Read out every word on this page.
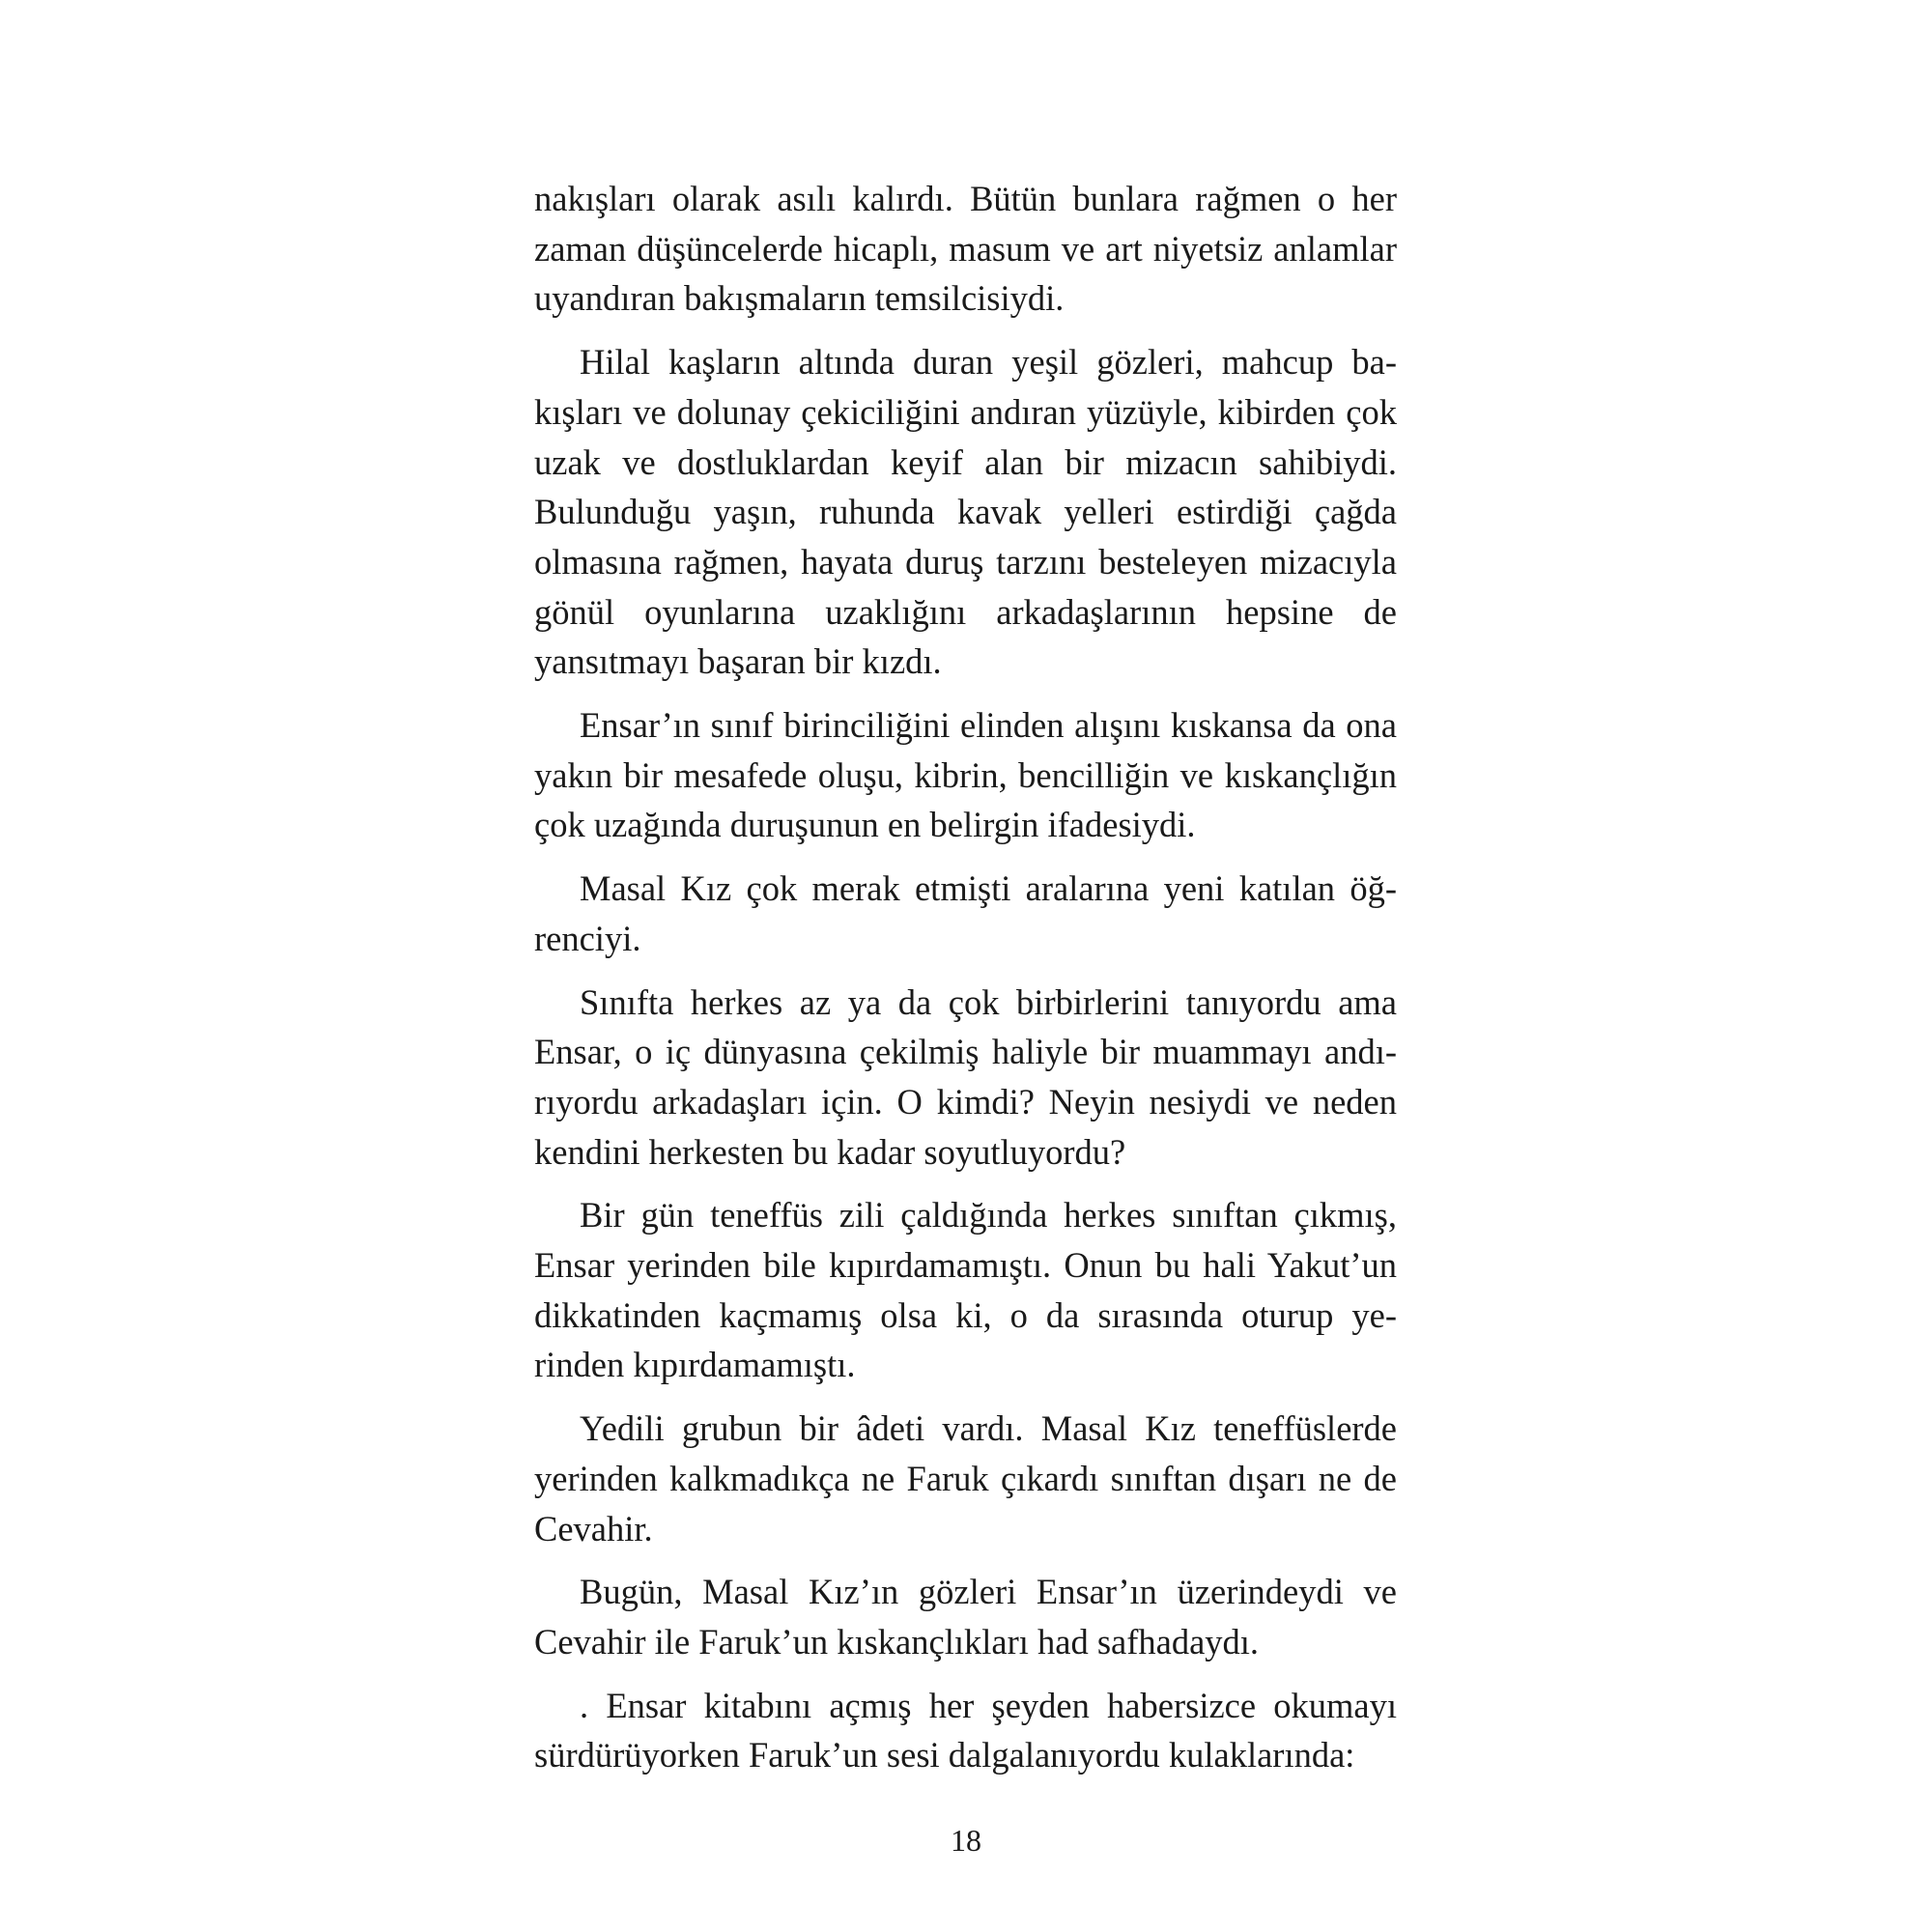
nakışları olarak asılı kalırdı. Bütün bunlara rağmen o her zaman düşüncelerde hicaplı, masum ve art niyetsiz anlamlar uyandıran bakışmaların temsilcisiydi.

Hilal kaşların altında duran yeşil gözleri, mahcup bakışları ve dolunay çekiciliğini andıran yüzüyle, kibirden çok uzak ve dostluklardan keyif alan bir mizacın sahibiydi. Bulunduğu yaşın, ruhunda kavak yelleri estirdiği çağda olmasına rağmen, hayata duruş tarzını besteleyen mizacıyla gönül oyunlarına uzaklığını arkadaşlarının hepsine de yansıtmayı başaran bir kızdı.

Ensar’ın sınıf birinciliğini elinden alışını kıskansa da ona yakın bir mesafede oluşu, kibrin, bencilliğin ve kıskançlığın çok uzağında duruşunun en belirgin ifadesiydi.

Masal Kız çok merak etmişti aralarına yeni katılan öğrenciyi.

Sınıfta herkes az ya da çok birbirlerini tanıyordu ama Ensar, o iç dünyasına çekilmiş haliyle bir muammayı andırıyordu arkadaşları için. O kimdi? Neyin nesiydi ve neden kendini herkesten bu kadar soyutluyordu?

Bir gün teneffüs zili çaldığında herkes sınıftan çıkmış, Ensar yerinden bile kıpırdamamıştı. Onun bu hali Yakut’un dikkatinden kaçmamış olsa ki, o da sırasında oturup yerinden kıpırdamamıştı.

Yedili grubun bir âdeti vardı. Masal Kız teneffüslerde yerinden kalkmadıkça ne Faruk çıkardı sınıftan dışarı ne de Cevahir.

Bugün, Masal Kız’ın gözleri Ensar’ın üzerindeydi ve Cevahir ile Faruk’un kıskançlıkları had safhadaydı.

. Ensar kitabını açmış her şeyden habersizce okumayı sürdürüyorken Faruk’un sesi dalgalanıyordu kulaklarında:

18
